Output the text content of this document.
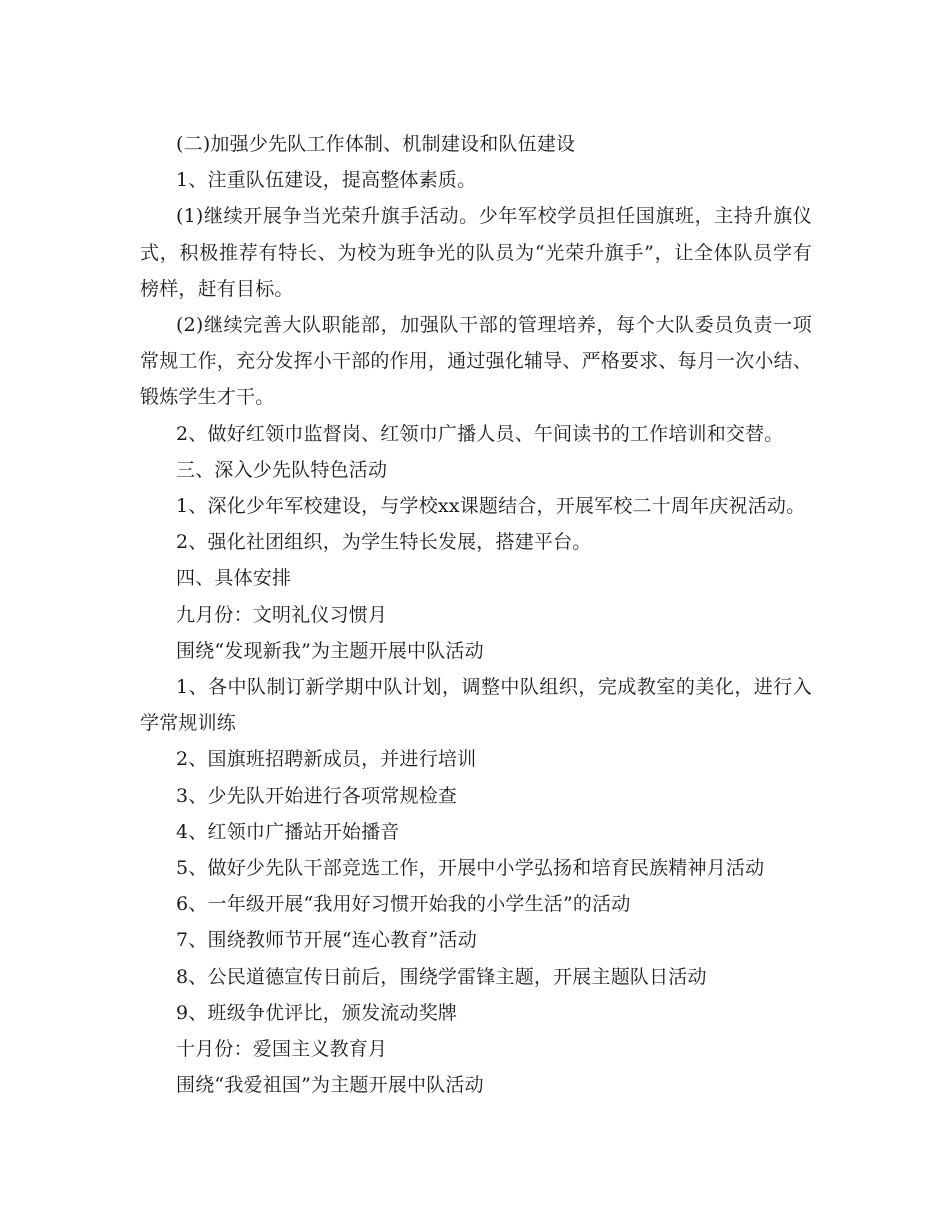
(二)加强少先队工作体制、机制建设和队伍建设

1、注重队伍建设，提高整体素质。

(1)继续开展争当光荣升旗手活动。少年军校学员担任国旗班，主持升旗仪式，积极推荐有特长、为校为班争光的队员为“光荣升旗手”，让全体队员学有榜样，赶有目标。

(2)继续完善大队职能部，加强队干部的管理培养，每个大队委员负责一项常规工作，充分发挥小干部的作用，通过强化辅导、严格要求、每月一次小结、锻炼学生才干。

2、做好红领巾监督岗、红领巾广播人员、午间读书的工作培训和交替。

三、深入少先队特色活动

1、深化少年军校建设，与学校xx课题结合，开展军校二十周年庆祝活动。

2、强化社团组织，为学生特长发展，搭建平台。

四、具体安排

九月份：文明礼仪习惯月

围绕“发现新我”为主题开展中队活动

1、各中队制订新学期中队计划，调整中队组织，完成教室的美化，进行入学常规训练

2、国旗班招聘新成员，并进行培训

3、少先队开始进行各项常规检查

4、红领巾广播站开始播音

5、做好少先队干部竞选工作，开展中小学弘扬和培育民族精神月活动

6、一年级开展“我用好习惯开始我的小学生活”的活动

7、围绕教师节开展“连心教育”活动

8、公民道德宣传日前后，围绕学雷锋主题，开展主题队日活动

9、班级争优评比，颁发流动奖牌

十月份：爱国主义教育月

围绕“我爱祖国”为主题开展中队活动
